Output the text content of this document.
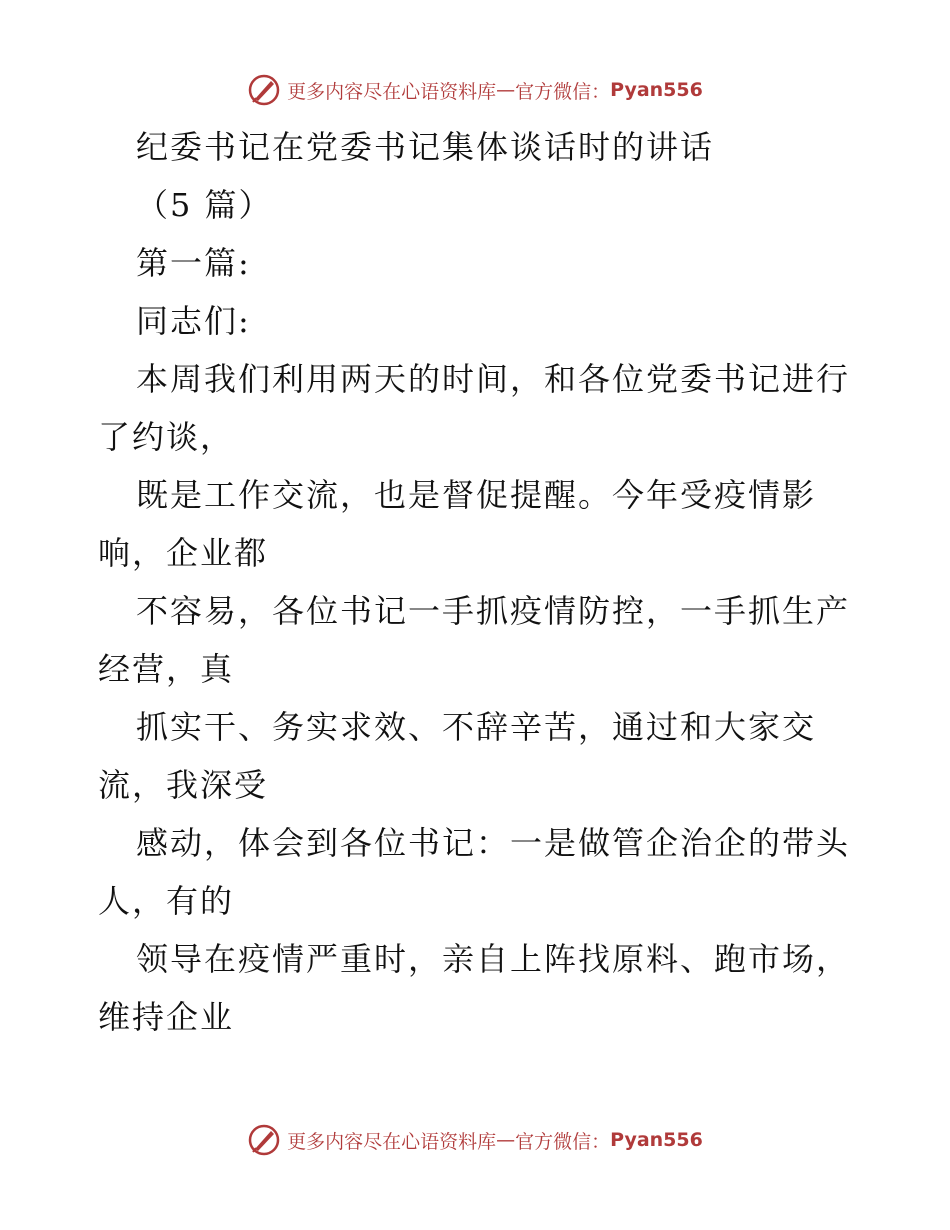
更多内容尽在心语资料库 — 官方微信： Pyan556
纪委书记在党委书记集体谈话时的讲话
（5 篇）
第一篇:
同志们:
本周我们利用两天的时间，和各位党委书记进行
了约谈，
既是工作交流，也是督促提醒。今年受疫情影
响，企业都
不容易，各位书记一手抓疫情防控，一手抓生产
经营，真
抓实干、务实求效、不辞辛苦，通过和大家交
流，我深受
感动，体会到各位书记：一是做管企治企的带头
人，有的
领导在疫情严重时，亲自上阵找原料、跑市场，
维持企业
更多内容尽在心语资料库 — 官方微信： Pyan556
